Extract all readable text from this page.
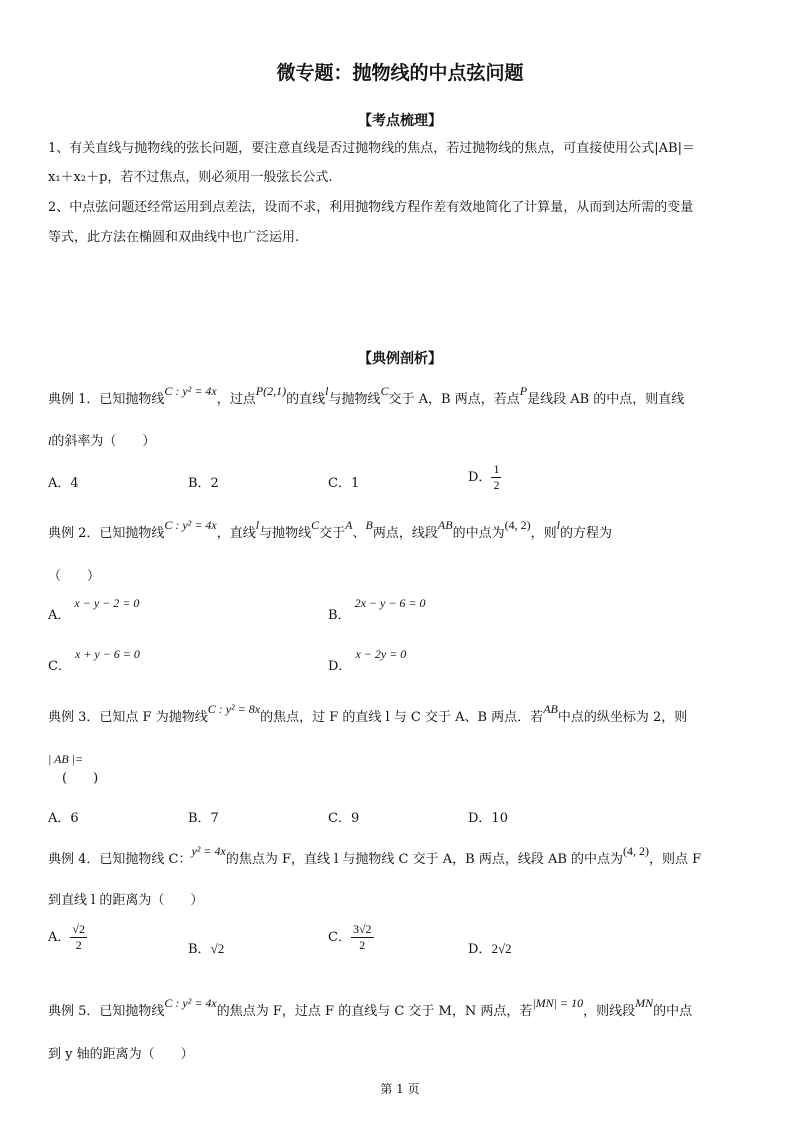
微专题：抛物线的中点弦问题
【考点梳理】
1、有关直线与抛物线的弦长问题，要注意直线是否过抛物线的焦点，若过抛物线的焦点，可直接使用公式|AB|＝
x₁＋x₂＋p，若不过焦点，则必须用一般弦长公式.
2、中点弦问题还经常运用到点差法，设而不求，利用抛物线方程作差有效地简化了计算量，从而到达所需的变量
等式，此方法在椭圆和双曲线中也广泛运用.
【典例剖析】
典例 1．已知抛物线C : y² = 4x，过点P(2,1)的直线l与抛物线C交于 A，B 两点，若点P是线段 AB 的中点，则直线
l的斜率为（　　）
A．4	B．2	C．1	D． $\frac{1}{2}$
典例 2．已知抛物线C : y² = 4x，直线l与抛物线C交于A、B两点，线段AB的中点为(4, 2)，则l的方程为
（　　）
A．x − y − 2 = 0
B．2x − y − 6 = 0
C．x + y − 6 = 0
D．x − 2y = 0
典例 3．已知点 F 为抛物线C : y² = 8x的焦点，过 F 的直线 l 与 C 交于 A、B 两点．若AB中点的纵坐标为 2，则
| AB |=
(　　)
A．6	B．7	C．9	D．10
典例 4．已知抛物线 C：y² = 4x的焦点为 F，直线 l 与抛物线 C 交于 A，B 两点，线段 AB 的中点为(4, 2)，则点 F
到直线 l 的距离为（　　）
A． $\frac{√2}{2}$	B．√2
C． $\frac{3√2}{2}$	D．2√2
典例 5．已知抛物线C : y² = 4x的焦点为 F，过点 F 的直线与 C 交于 M，N 两点，若|MN| = 10，则线段MN的中点
到 y 轴的距离为（　　）
第 1 页
